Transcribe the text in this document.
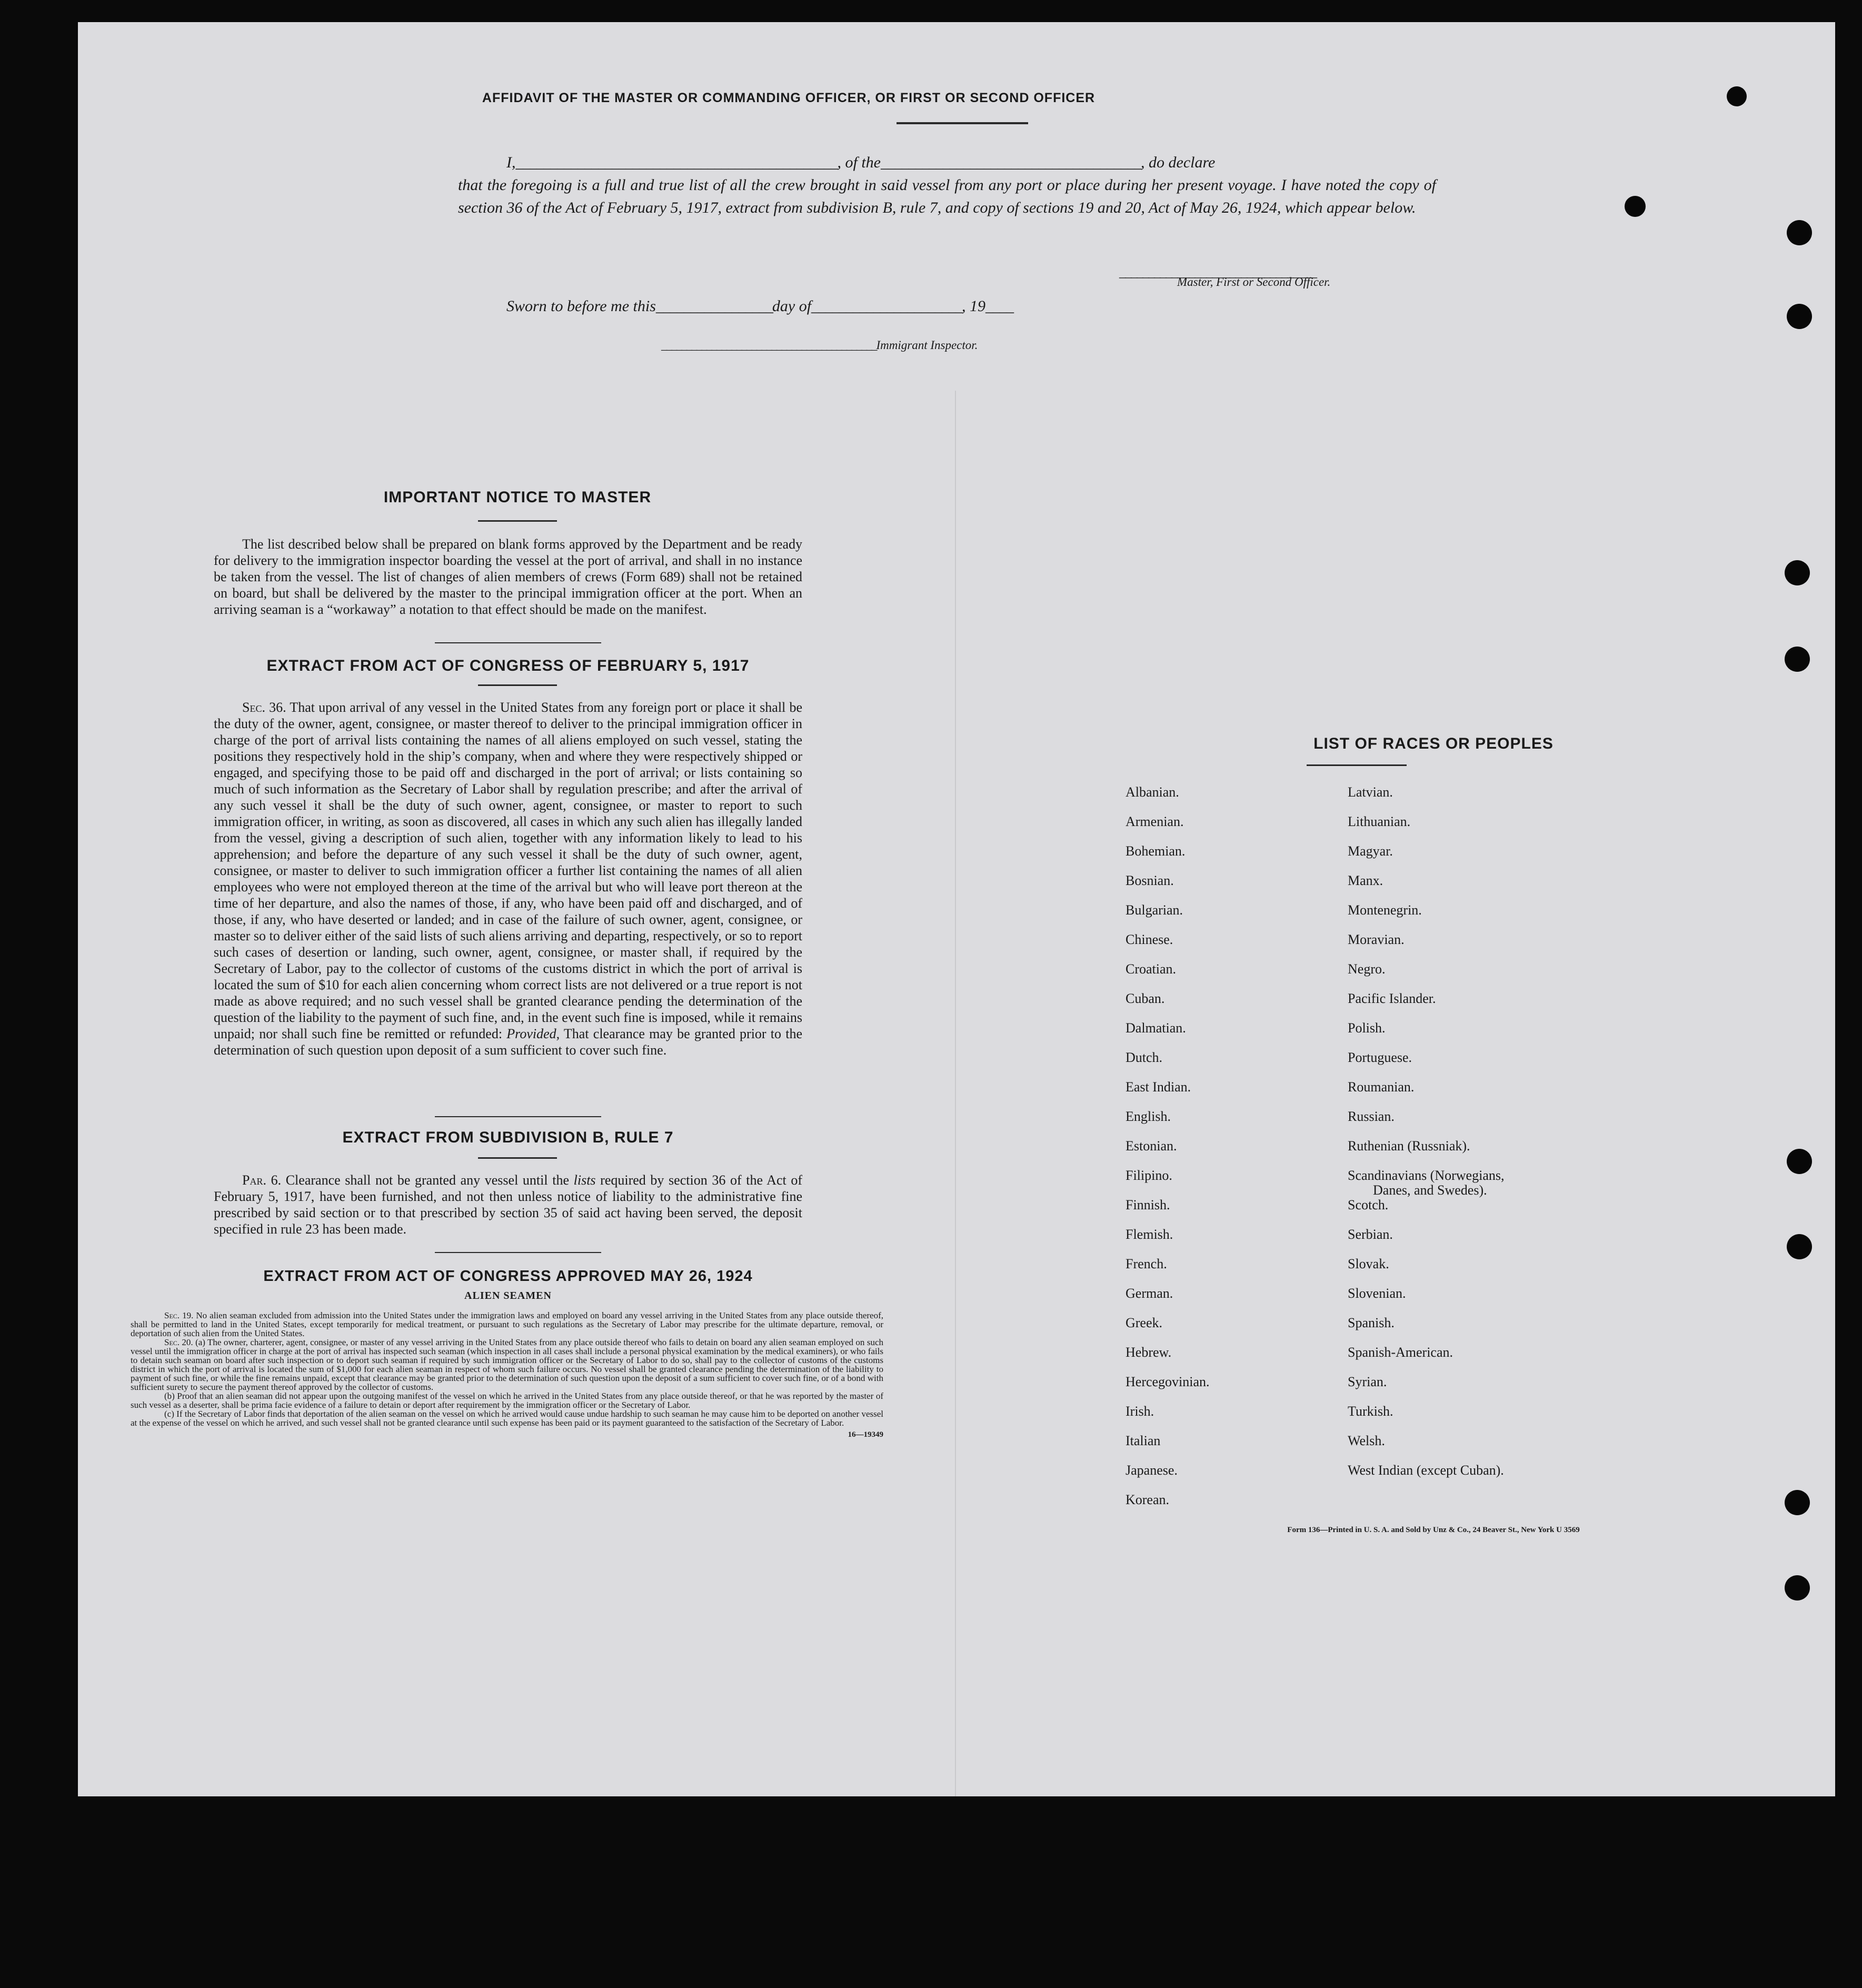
AFFIDAVIT OF THE MASTER OR COMMANDING OFFICER, OR FIRST OR SECOND OFFICER
I,_______________________________________________, of the______________________________________, do declare

that the foregoing is a full and true list of all the crew brought in said vessel from any port or place during her present voyage. I have noted the copy of section 36 of the Act of February 5, 1917, extract from subdivision B, rule 7, and copy of sections 19 and 20, Act of May 26, 1924, which appear below.

__________________________________
Master, First or Second Officer.
Sworn to before me this_________________day of______________________, 19____
___________________________________________Immigrant Inspector.
IMPORTANT NOTICE TO MASTER

The list described below shall be prepared on blank forms approved by the Department and be ready for delivery to the immigration inspector boarding the vessel at the port of arrival, and shall in no instance be taken from the vessel. The list of changes of alien members of crews (Form 689) shall not be retained on board, but shall be delivered by the master to the principal immigration officer at the port. When an arriving seaman is a “workaway” a notation to that effect should be made on the manifest.

EXTRACT FROM ACT OF CONGRESS OF FEBRUARY 5, 1917

Sec. 36. That upon arrival of any vessel in the United States from any foreign port or place it shall be the duty of the owner, agent, consignee, or master thereof to deliver to the principal immigration officer in charge of the port of arrival lists containing the names of all aliens employed on such vessel, stating the positions they respectively hold in the ship’s company, when and where they were respectively shipped or engaged, and specifying those to be paid off and discharged in the port of arrival; or lists containing so much of such information as the Secretary of Labor shall by regulation prescribe; and after the arrival of any such vessel it shall be the duty of such owner, agent, consignee, or master to report to such immigration officer, in writing, as soon as discovered, all cases in which any such alien has illegally landed from the vessel, giving a description of such alien, together with any information likely to lead to his apprehension; and before the departure of any such vessel it shall be the duty of such owner, agent, consignee, or master to deliver to such immigration officer a further list containing the names of all alien employees who were not employed thereon at the time of the arrival but who will leave port thereon at the time of her departure, and also the names of those, if any, who have been paid off and discharged, and of those, if any, who have deserted or landed; and in case of the failure of such owner, agent, consignee, or master so to deliver either of the said lists of such aliens arriving and departing, respectively, or so to report such cases of desertion or landing, such owner, agent, consignee, or master shall, if required by the Secretary of Labor, pay to the collector of customs of the customs district in which the port of arrival is located the sum of $10 for each alien concerning whom correct lists are not delivered or a true report is not made as above required; and no such vessel shall be granted clearance pending the determination of the question of the liability to the payment of such fine, and, in the event such fine is imposed, while it remains unpaid; nor shall such fine be remitted or refunded: Provided, That clearance may be granted prior to the determination of such question upon deposit of a sum sufficient to cover such fine.

EXTRACT FROM SUBDIVISION B, RULE 7

Par. 6. Clearance shall not be granted any vessel until the lists required by section 36 of the Act of February 5, 1917, have been furnished, and not then unless notice of liability to the administrative fine prescribed by said section or to that prescribed by section 35 of said act having been served, the deposit specified in rule 23 has been made.

EXTRACT FROM ACT OF CONGRESS APPROVED MAY 26, 1924
ALIEN SEAMEN

Sec. 19. No alien seaman excluded from admission into the United States under the immigration laws and employed on board any vessel arriving in the United States from any place outside thereof, shall be permitted to land in the United States, except temporarily for medical treatment, or pursuant to such regulations as the Secretary of Labor may prescribe for the ultimate departure, removal, or deportation of such alien from the United States.

Sec. 20. (a) The owner, charterer, agent, consignee, or master of any vessel arriving in the United States from any place outside thereof who fails to detain on board any alien seaman employed on such vessel until the immigration officer in charge at the port of arrival has inspected such seaman (which inspection in all cases shall include a personal physical examination by the medical examiners), or who fails to detain such seaman on board after such inspection or to deport such seaman if required by such immigration officer or the Secretary of Labor to do so, shall pay to the collector of customs of the customs district in which the port of arrival is located the sum of $1,000 for each alien seaman in respect of whom such failure occurs. No vessel shall be granted clearance pending the determination of the liability to payment of such fine, or while the fine remains unpaid, except that clearance may be granted prior to the determination of such question upon the deposit of a sum sufficient to cover such fine, or of a bond with sufficient surety to secure the payment thereof approved by the collector of customs.

(b) Proof that an alien seaman did not appear upon the outgoing manifest of the vessel on which he arrived in the United States from any place outside thereof, or that he was reported by the master of such vessel as a deserter, shall be prima facie evidence of a failure to detain or deport after requirement by the immigration officer or the Secretary of Labor.

(c) If the Secretary of Labor finds that deportation of the alien seaman on the vessel on which he arrived would cause undue hardship to such seaman he may cause him to be deported on another vessel at the expense of the vessel on which he arrived, and such vessel shall not be granted clearance until such expense has been paid or its payment guaranteed to the satisfaction of the Secretary of Labor.

16—19349
LIST OF RACES OR PEOPLES
Form 136—Printed in U. S. A. and Sold by Unz & Co., 24 Beaver St., New York U 3569
Albanian.
Armenian.
Bohemian.
Bosnian.
Bulgarian.
Chinese.
Croatian.
Cuban.
Dalmatian.
Dutch.
East Indian.
English.
Estonian.
Filipino.
Finnish.
Flemish.
French.
German.
Greek.
Hebrew.
Hercegovinian.
Irish.
Italian
Japanese.
Korean.
Latvian.
Lithuanian.
Magyar.
Manx.
Montenegrin.
Moravian.
Negro.
Pacific Islander.
Polish.
Portuguese.
Roumanian.
Russian.
Ruthenian (Russniak).
Scandinavians (Norwegians,
Danes, and Swedes).
Scotch.
Serbian.
Slovak.
Slovenian.
Spanish.
Spanish-American.
Syrian.
Turkish.
Welsh.
West Indian (except Cuban).
